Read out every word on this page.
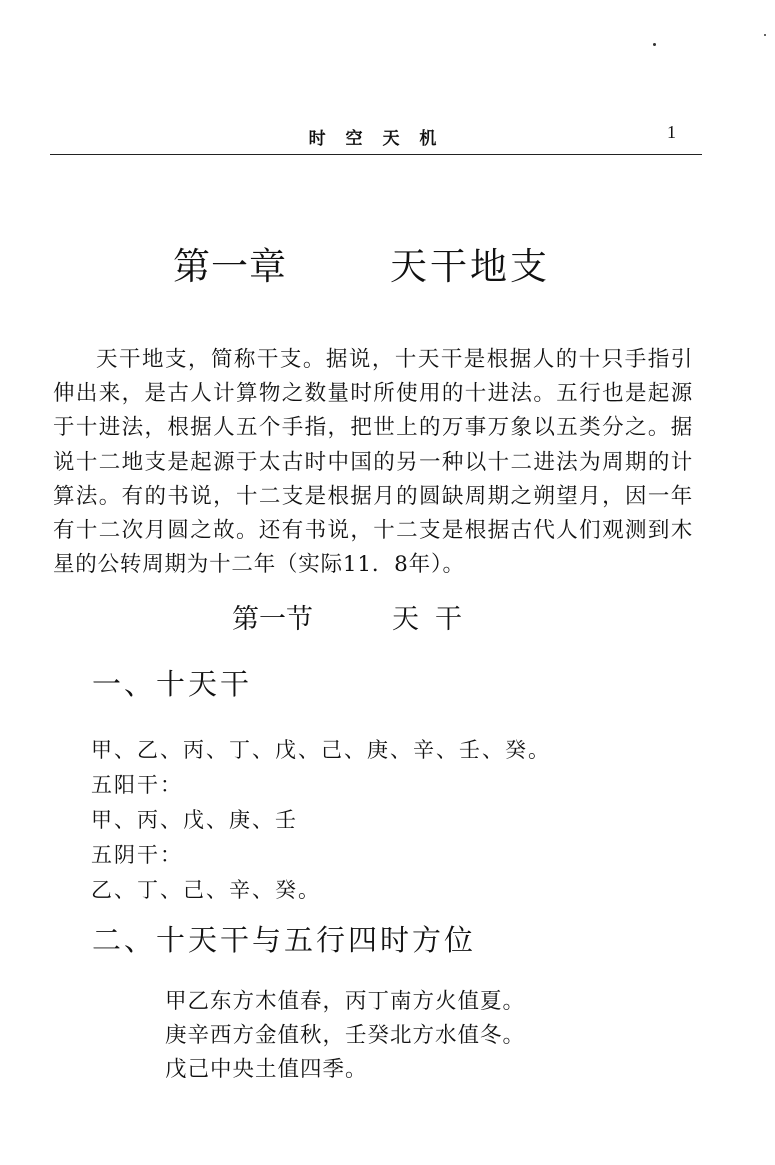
时 空 天 机	1
第一章	天干地支

天干地支，简称干支。据说，十天干是根据人的十只手指引伸出来，是古人计算物之数量时所使用的十进法。五行也是起源于十进法，根据人五个手指，把世上的万事万象以五类分之。据说十二地支是起源于太古时中国的另一种以十二进法为周期的计算法。有的书说，十二支是根据月的圆缺周期之朔望月，因一年有十二次月圆之故。还有书说，十二支是根据古代人们观测到木星的公转周期为十二年（实际11．8年）。

第一节	天干
一、十天干
甲、乙、丙、丁、戊、己、庚、辛、壬、癸。
五阳干：
甲、丙、戊、庚、壬
五阴干：
乙、丁、己、辛、癸。
二、十天干与五行四时方位
甲乙东方木值春，丙丁南方火值夏。
庚辛西方金值秋，壬癸北方水值冬。
戊己中央土值四季。
